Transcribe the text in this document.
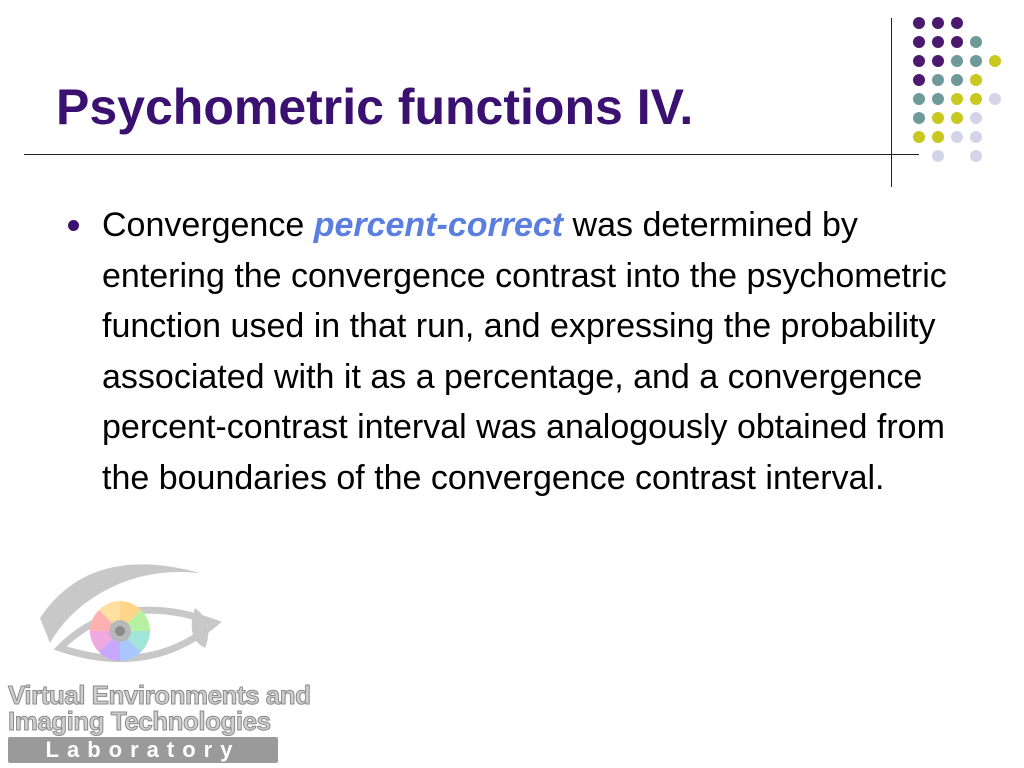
Psychometric functions IV.
Convergence percent-correct was determined by entering the convergence contrast into the psychometric function used in that run, and expressing the probability associated with it as a percentage, and a convergence percent-contrast interval was analogously obtained from the boundaries of the convergence contrast interval.
Virtual Environments and
Imaging Technologies
Laboratory
